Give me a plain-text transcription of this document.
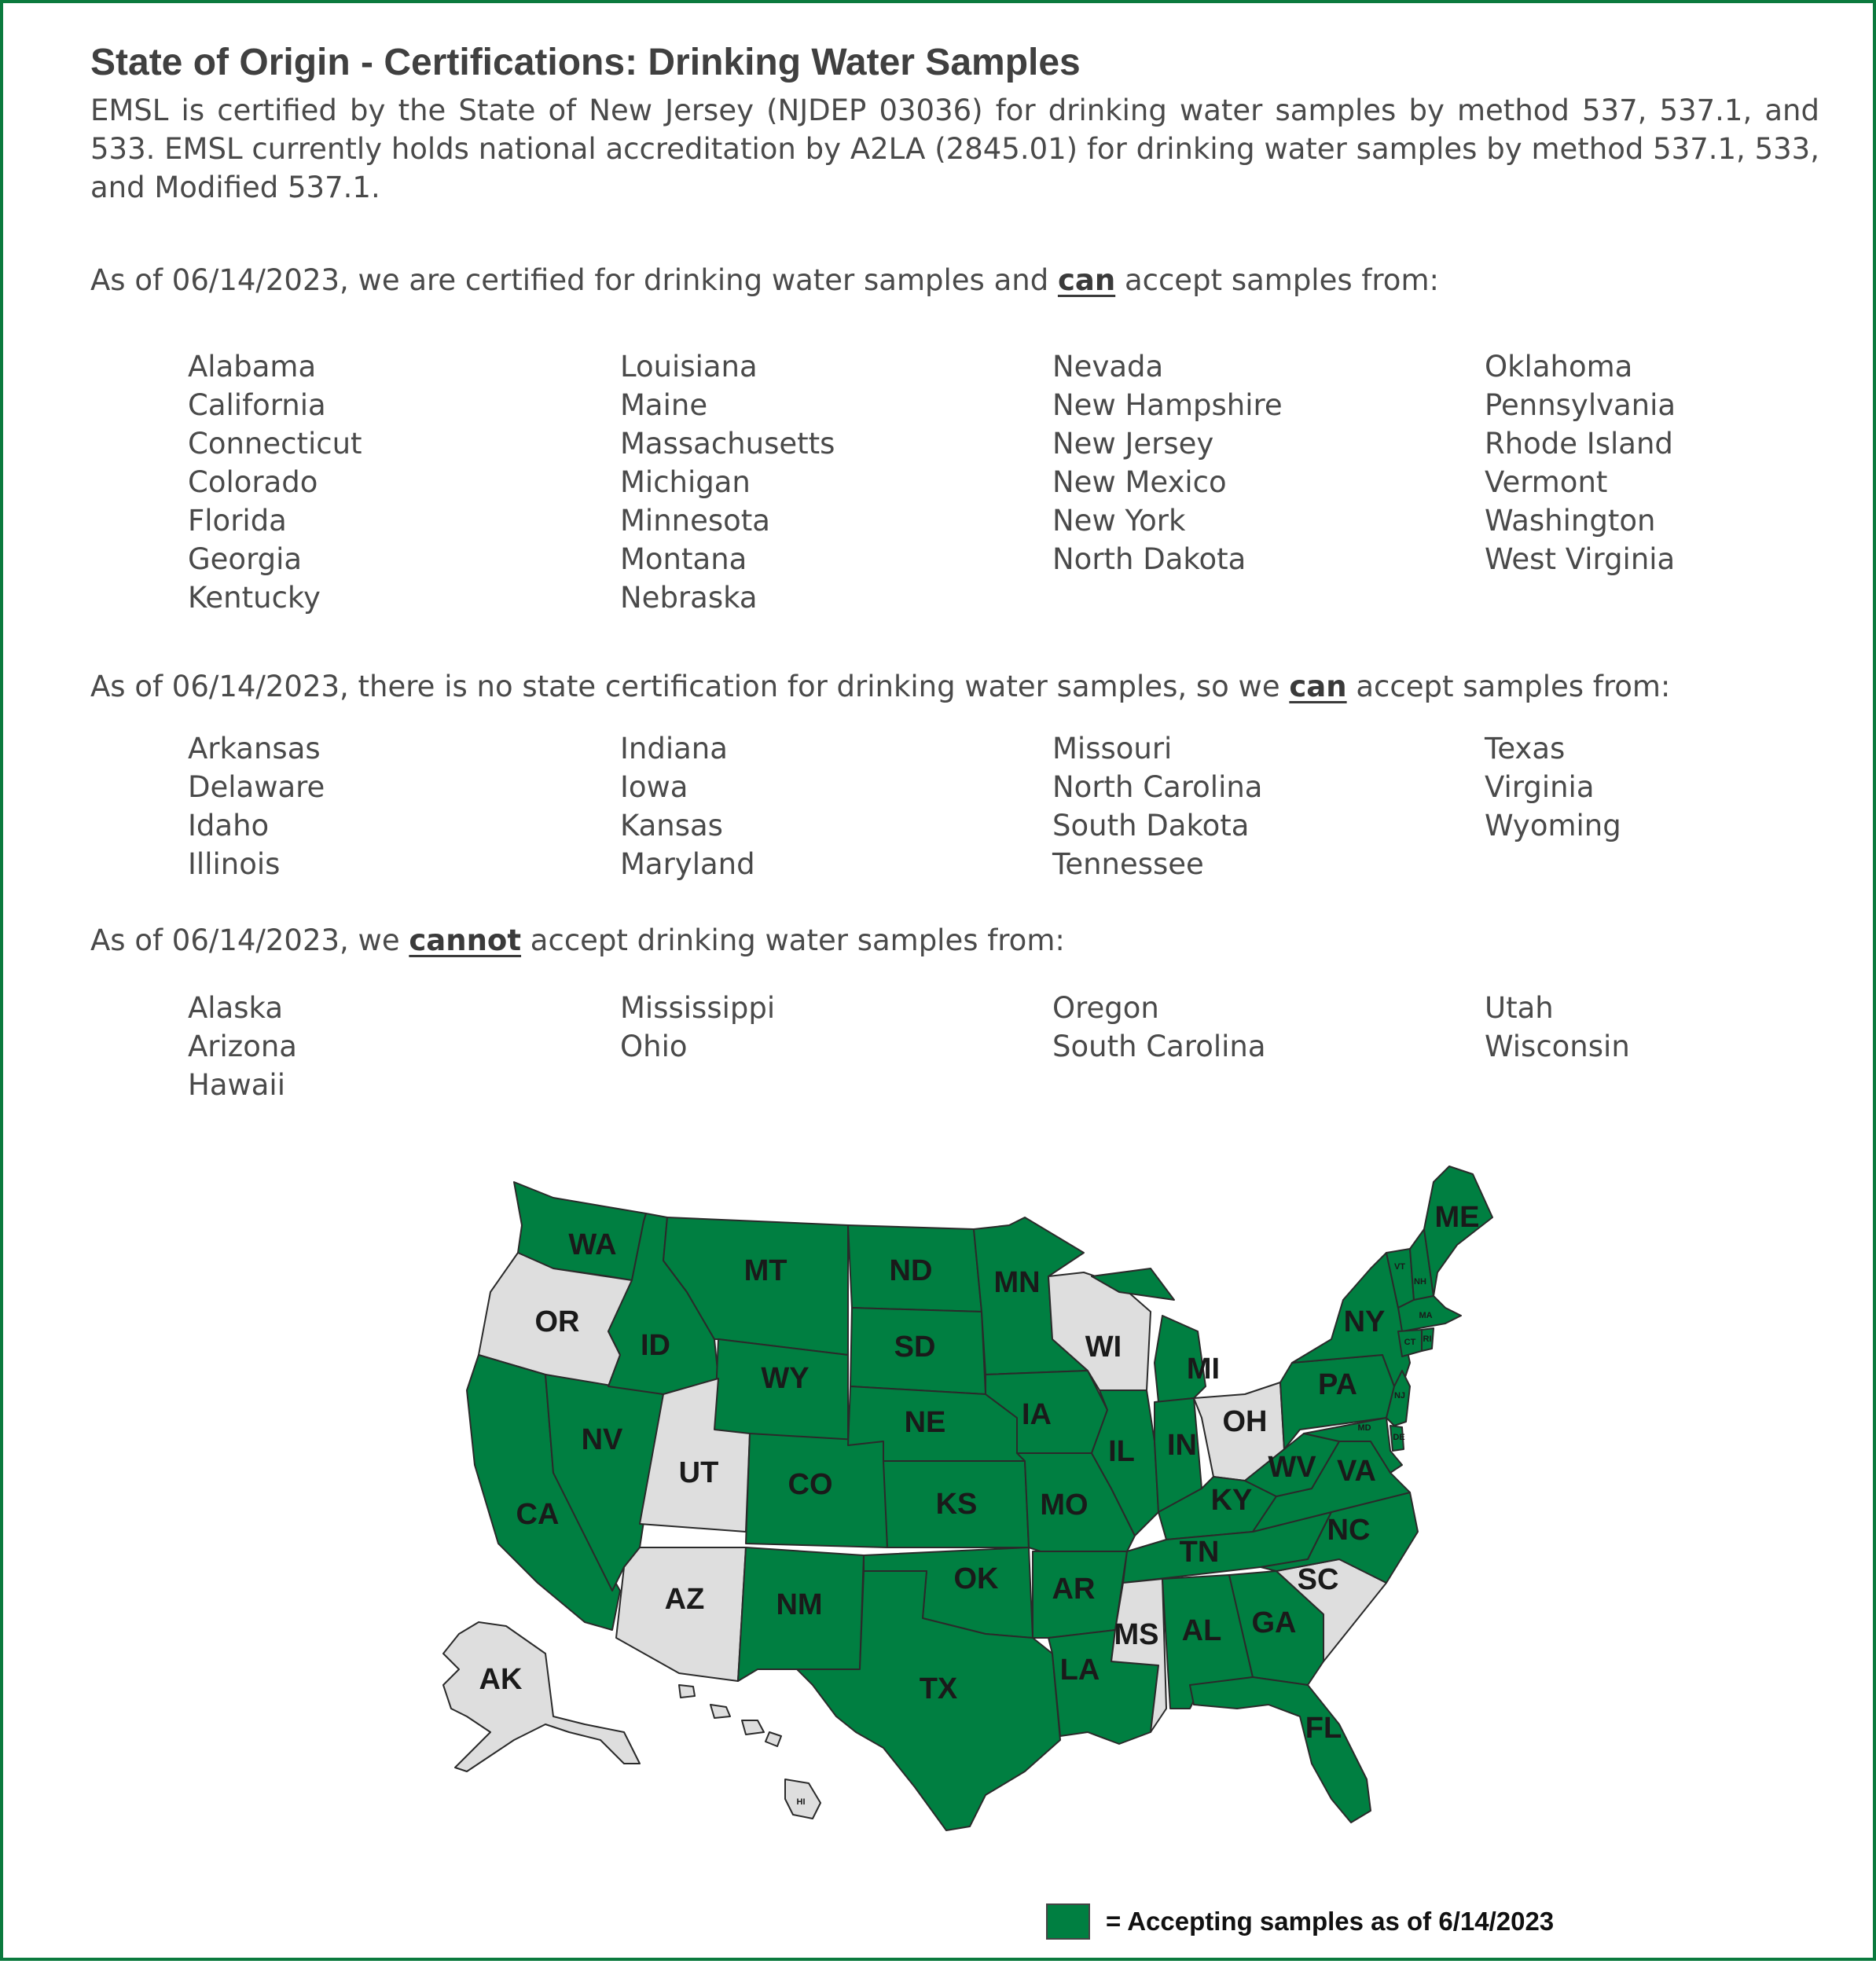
State of Origin - Certifications: Drinking Water Samples

EMSL is certified by the State of New Jersey (NJDEP 03036) for drinking water samples by method 537, 537.1, and 533. EMSL currently holds national accreditation by A2LA (2845.01) for drinking water samples by method 537.1, 533, and Modified 537.1.

As of 06/14/2023, we are certified for drinking water samples and can accept samples from:

Alabama
California
Connecticut
Colorado
Florida
Georgia
Kentucky
Louisiana
Maine
Massachusetts
Michigan
Minnesota
Montana
Nebraska
Nevada
New Hampshire
New Jersey
New Mexico
New York
North Dakota
Oklahoma
Pennsylvania
Rhode Island
Vermont
Washington
West Virginia

As of 06/14/2023, there is no state certification for drinking water samples, so we can accept samples from:

Arkansas
Delaware
Idaho
Illinois
Indiana
Iowa
Kansas
Maryland
Missouri
North Carolina
South Dakota
Tennessee
Texas
Virginia
Wyoming

As of 06/14/2023, we cannot accept drinking water samples from:

Alaska
Arizona
Hawaii
Mississippi
Ohio
Oregon
South Carolina
Utah
Wisconsin
WA
OR
CA
NV
ID
MT
WY
UT
AZ
CO
NM
ND
SD
NE
KS
OK
TX
MN
IA
MO
AR
LA
WI
IL
MI
IN
OH
KY
TN
MS AL GA
FL
SC
NC
VA
WV
PA
NY
ME
AK
HI
VT
NH
MA
CT RI
NJ
DE
MD
= Accepting samples as of 6/14/2023
